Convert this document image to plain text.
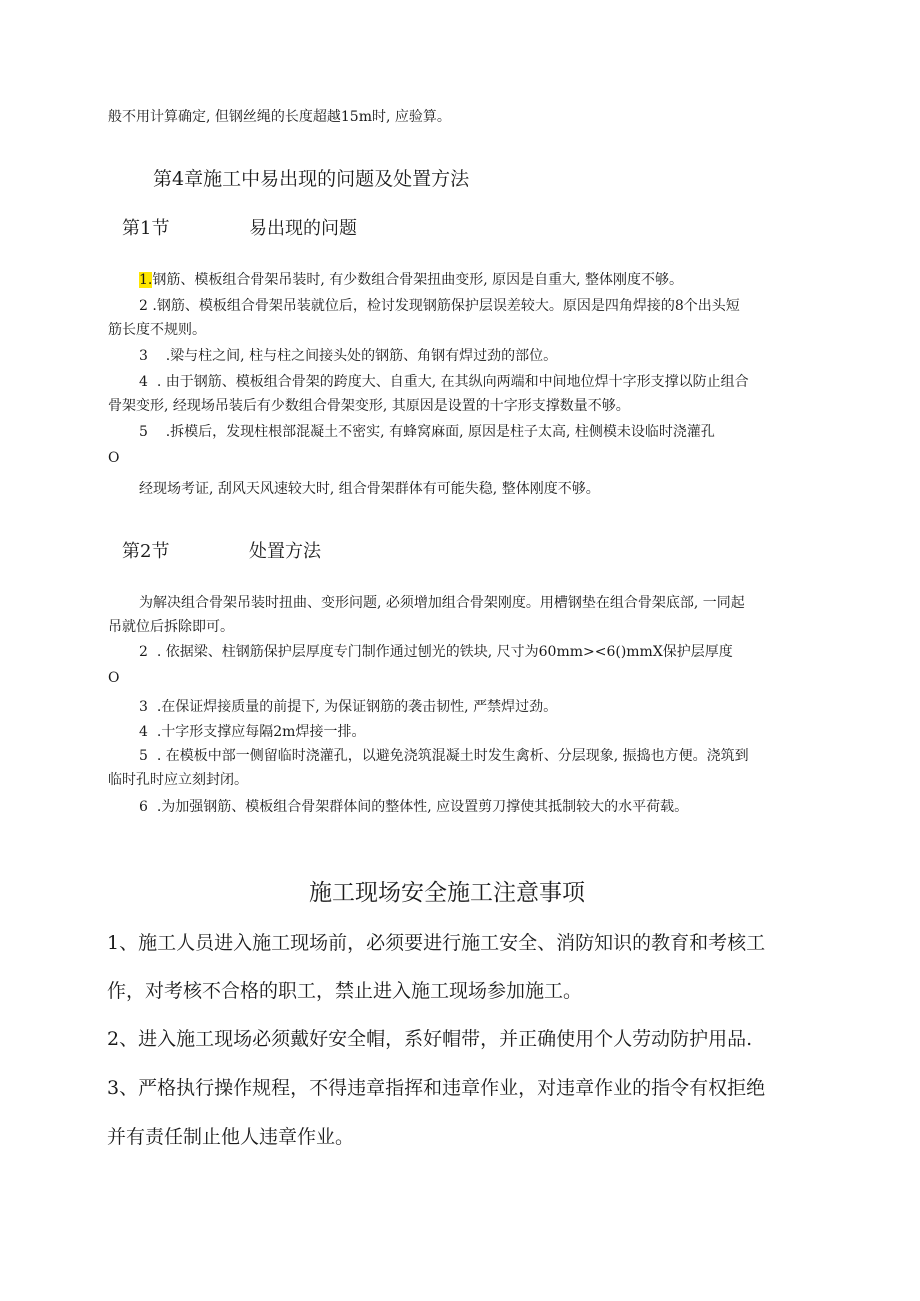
般不用计算确定, 但钢丝绳的长度超越15m时, 应验算。
第4章施工中易出现的问题及处置方法
第1节	易出现的问题
1.钢筋、模板组合骨架吊装时, 有少数组合骨架扭曲变形, 原因是自重大, 整体刚度不够。
2 .钢筋、模板组合骨架吊装就位后，检讨发现钢筋保护层误差较大。原因是四角焊接的8个出头短
筋长度不规则。
3 .梁与柱之间, 柱与柱之间接头处的钢筋、角钢有焊过劲的部位。
4 . 由于钢筋、模板组合骨架的跨度大、自重大, 在其纵向两端和中间地位焊十字形支撑以防止组合
骨架变形, 经现场吊装后有少数组合骨架变形, 其原因是设置的十字形支撑数量不够。
5 .拆模后，发现柱根部混凝土不密实, 有蜂窝麻面, 原因是柱子太高, 柱侧模未设临时浇灌孔
O
经现场考证, 刮风天风速较大时, 组合骨架群体有可能失稳, 整体刚度不够。
第2节	处置方法
为解决组合骨架吊装时扭曲、变形问题, 必须增加组合骨架刚度。用槽钢垫在组合骨架底部, 一同起
吊就位后拆除即可。
2 . 依据梁、柱钢筋保护层厚度专门制作通过刨光的铁块, 尺寸为60mm><6()mmX保护层厚度
O
3 .在保证焊接质量的前提下, 为保证钢筋的袭击韧性, 严禁焊过劲。
4 .十字形支撑应每隔2m焊接一排。
5 . 在模板中部一侧留临时浇灌孔，以避免浇筑混凝土时发生禽析、分层现象, 振捣也方便。浇筑到
临时孔时应立刻封闭。
6 .为加强钢筋、模板组合骨架群体间的整体性, 应设置剪刀撑使其抵制较大的水平荷载。
施工现场安全施工注意事项
1、施工人员进入施工现场前，必须要进行施工安全、消防知识的教育和考核工
作，对考核不合格的职工，禁止进入施工现场参加施工。
2、进入施工现场必须戴好安全帽，系好帽带，并正确使用个人劳动防护用品.
3、严格执行操作规程，不得违章指挥和违章作业，对违章作业的指令有权拒绝
并有责任制止他人违章作业。
